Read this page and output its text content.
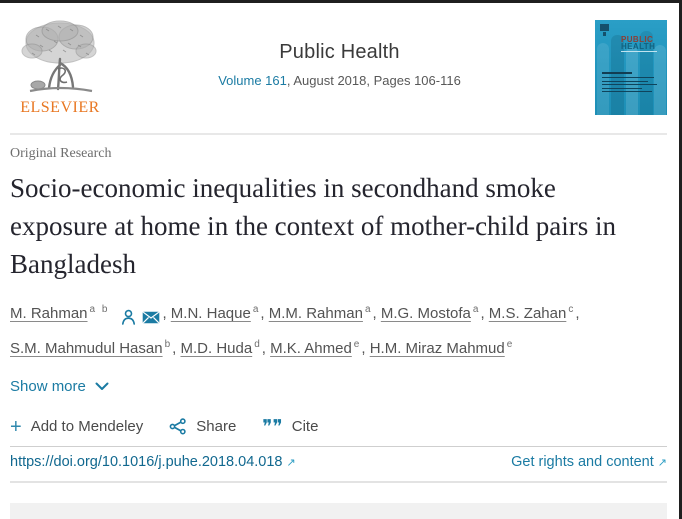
ELSEVIER
Public Health
Volume 161, August 2018, Pages 106-116
PUBLIC
HEALTH
Original Research
Socio-economic inequalities in secondhand smoke exposure at home in the context of mother-child pairs in Bangladesh
M. Rahman $^{a b}$	, M.N. Haque $^a$, M.M. Rahman $^a$, M.G. Mostofa $^a$, M.S. Zahan $^c$, S.M. Mahmudul Hasan $^b$, M.D. Huda $^d$, M.K. Ahmed $^e$, H.M. Miraz Mahmud $^e$
Show more
+ Add to Mendeley	Share ❞❞ Cite
https://doi.org/10.1016/j.puhe.2018.04.018 ↗	Get rights and content ↗
